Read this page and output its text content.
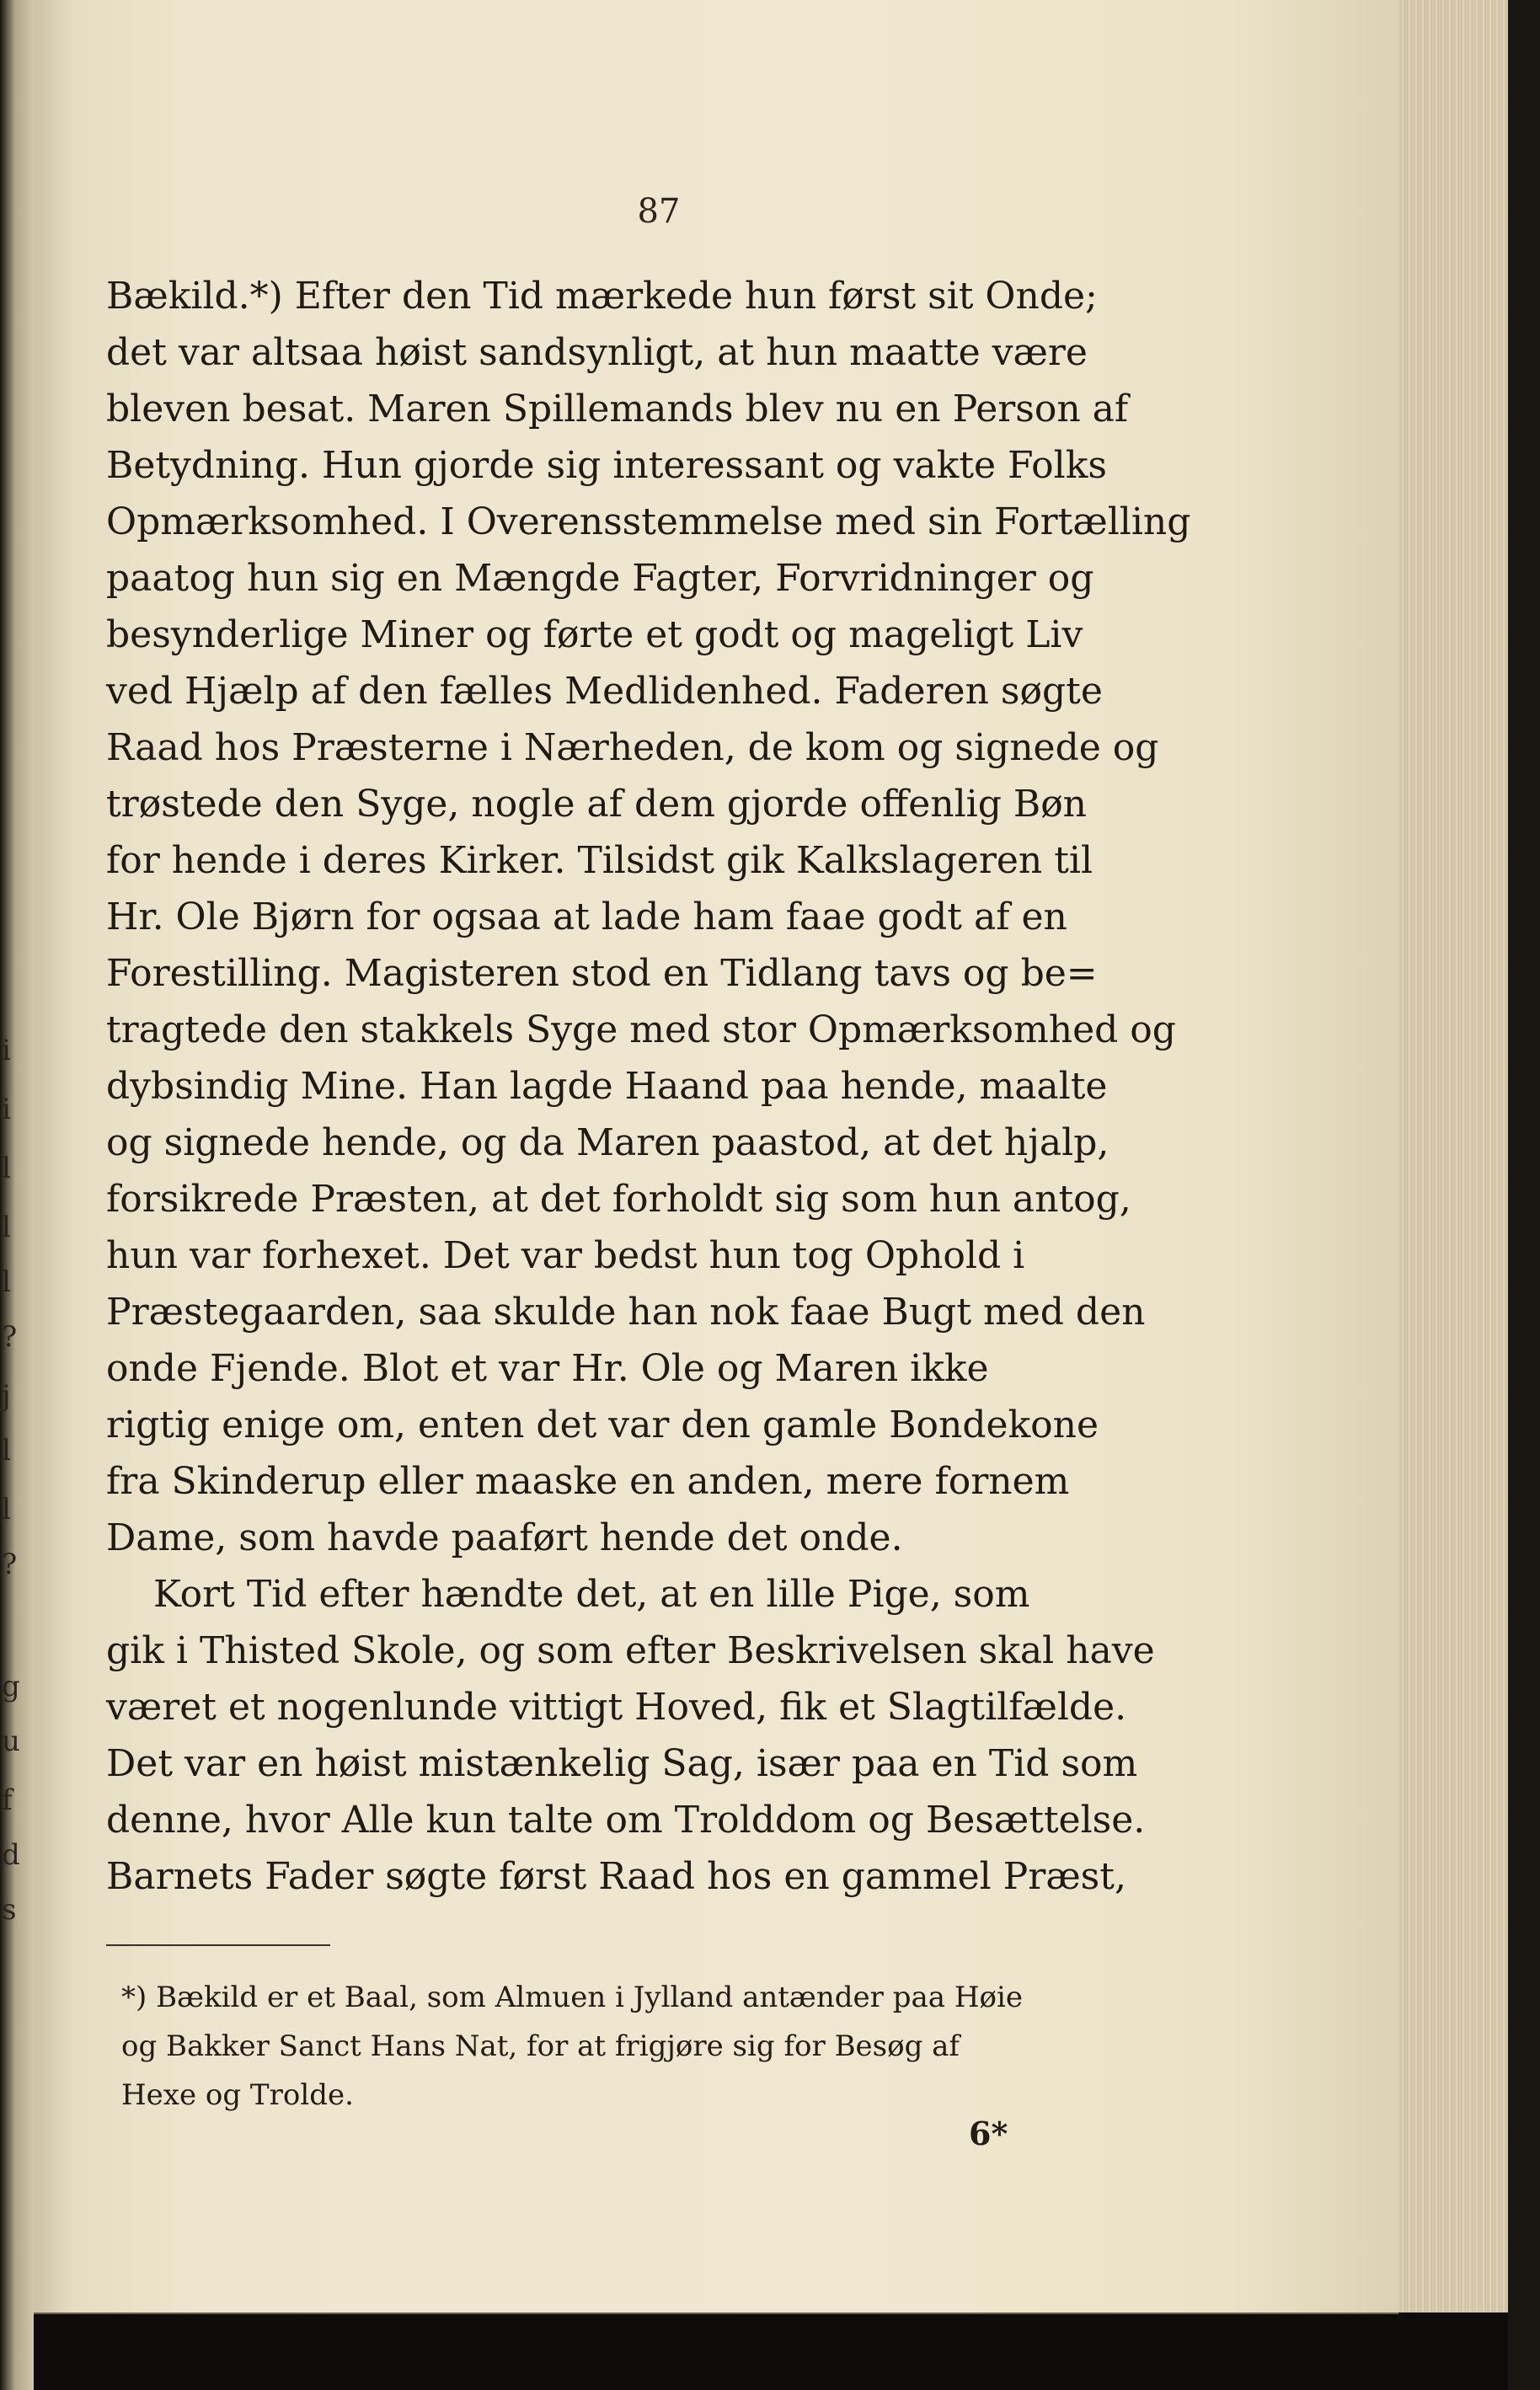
i
i
l
l
l
?
j
l
l
?
g
u
f
d
s
87
Bækild.*) Efter den Tid mærkede hun først sit Onde;
det var altsaa høist sandsynligt, at hun maatte være
bleven besat. Maren Spillemands blev nu en Person af
Betydning. Hun gjorde sig interessant og vakte Folks
Opmærksomhed. I Overensstemmelse med sin Fortælling
paatog hun sig en Mængde Fagter, Forvridninger og
besynderlige Miner og førte et godt og mageligt Liv
ved Hjælp af den fælles Medlidenhed. Faderen søgte
Raad hos Præsterne i Nærheden, de kom og signede og
trøstede den Syge, nogle af dem gjorde offenlig Bøn
for hende i deres Kirker. Tilsidst gik Kalkslageren til
Hr. Ole Bjørn for ogsaa at lade ham faae godt af en
Forestilling. Magisteren stod en Tidlang tavs og be=
tragtede den stakkels Syge med stor Opmærksomhed og
dybsindig Mine. Han lagde Haand paa hende, maalte
og signede hende, og da Maren paastod, at det hjalp,
forsikrede Præsten, at det forholdt sig som hun antog,
hun var forhexet. Det var bedst hun tog Ophold i
Præstegaarden, saa skulde han nok faae Bugt med den
onde Fjende. Blot et var Hr. Ole og Maren ikke
rigtig enige om, enten det var den gamle Bondekone
fra Skinderup eller maaske en anden, mere fornem
Dame, som havde paaført hende det onde.
Kort Tid efter hændte det, at en lille Pige, som
gik i Thisted Skole, og som efter Beskrivelsen skal have
været et nogenlunde vittigt Hoved, fik et Slagtilfælde.
Det var en høist mistænkelig Sag, især paa en Tid som
denne, hvor Alle kun talte om Trolddom og Besættelse.
Barnets Fader søgte først Raad hos en gammel Præst,
*) Bækild er et Baal, som Almuen i Jylland antænder paa Høie
og Bakker Sanct Hans Nat, for at frigjøre sig for Besøg af
Hexe og Trolde.
6*
